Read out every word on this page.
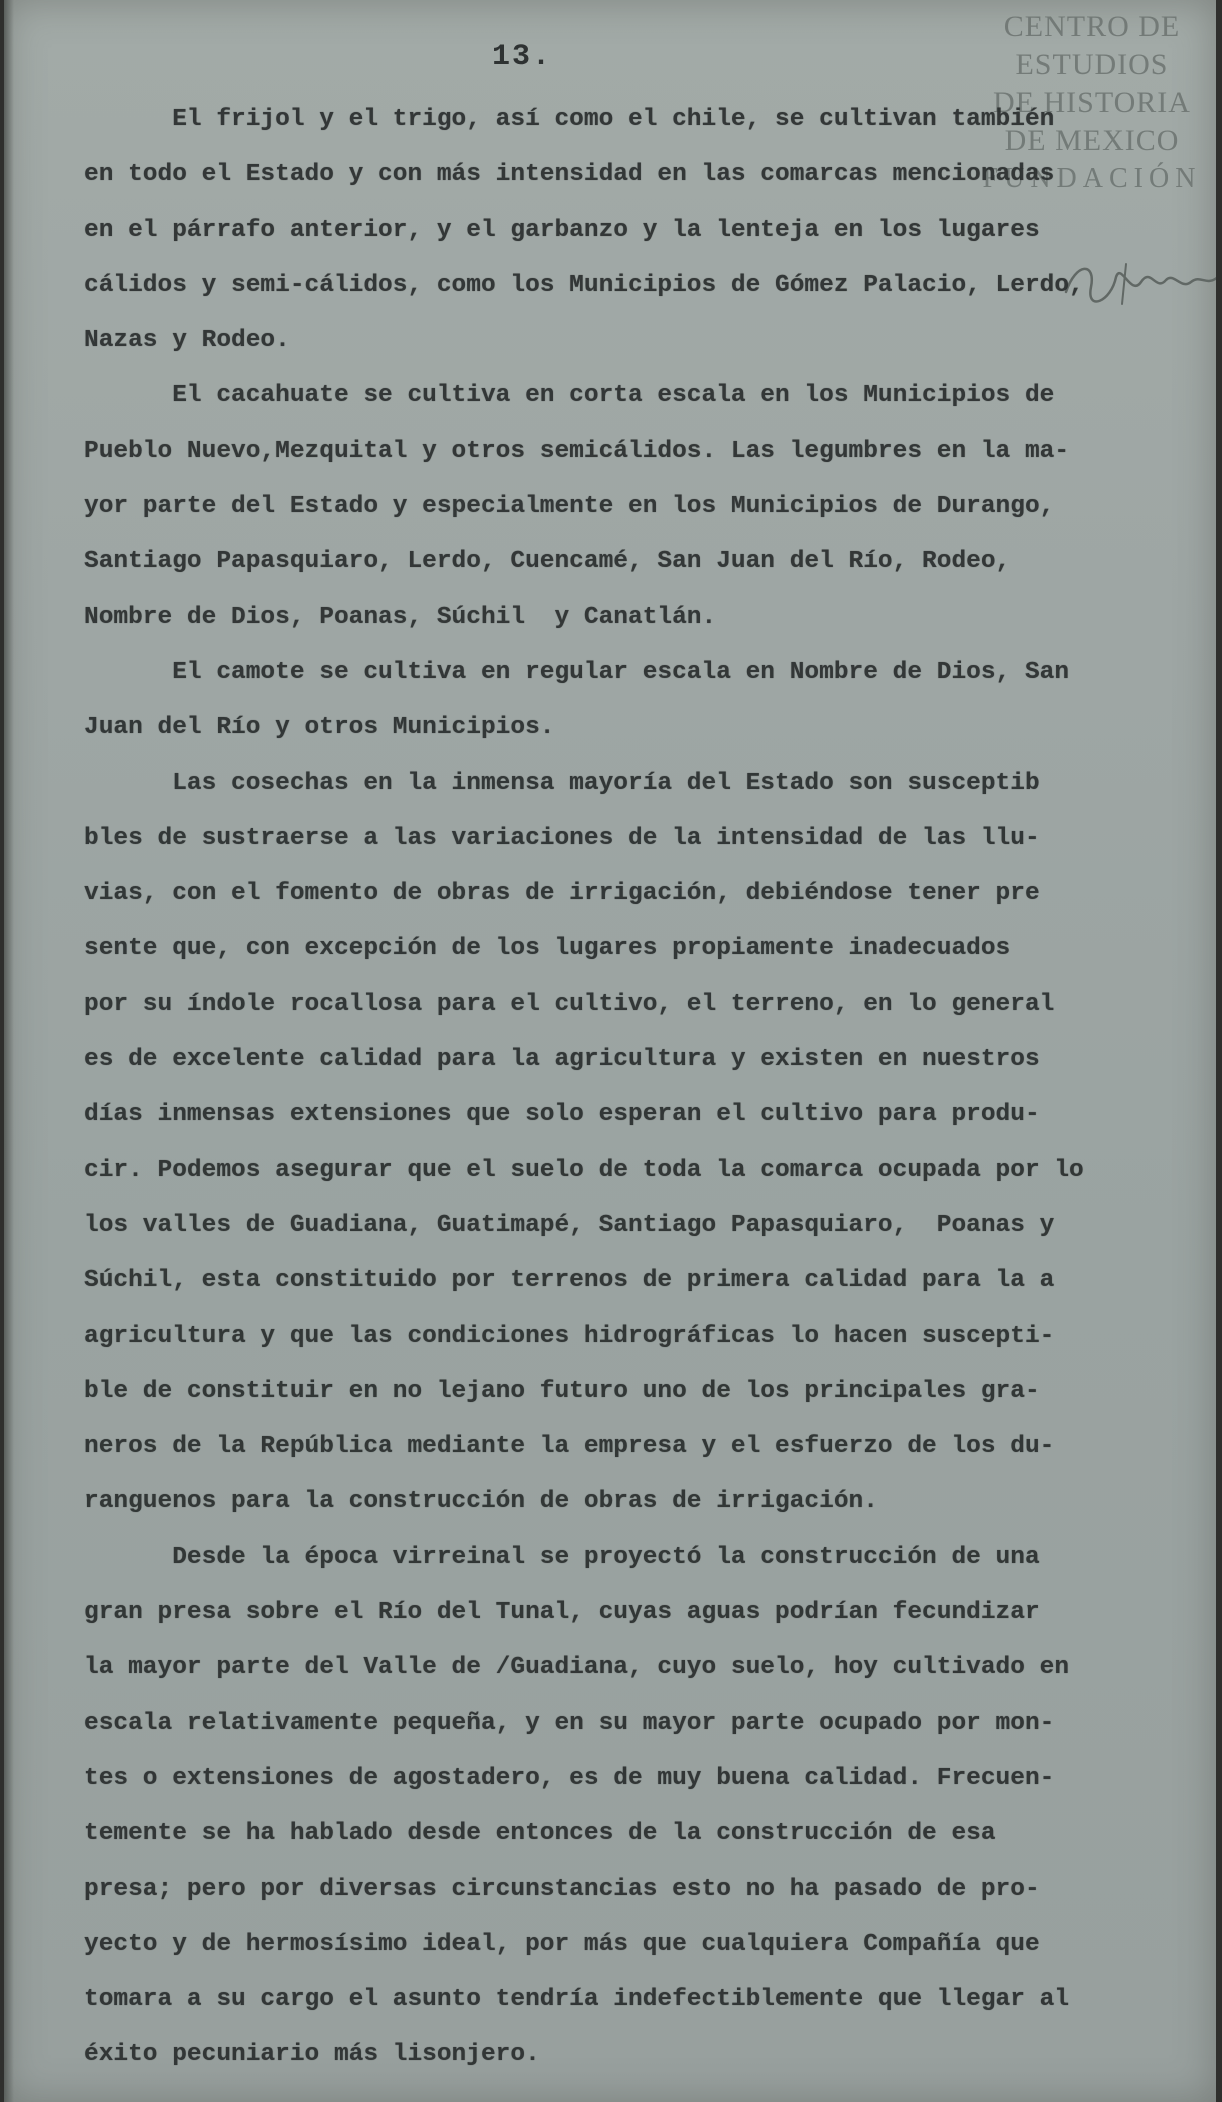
13.
CENTRO DE
ESTUDIOS
DE HISTORIA
DE MEXICO
FUNDACIÓN
El frijol y el trigo, así como el chile, se cultivan también
en todo el Estado y con más intensidad en las comarcas mencionadas
en el párrafo anterior, y el garbanzo y la lenteja en los lugares
cálidos y semi-cálidos, como los Municipios de Gómez Palacio, Lerdo,
Nazas y Rodeo.
El cacahuate se cultiva en corta escala en los Municipios de
Pueblo Nuevo,Mezquital y otros semicálidos. Las legumbres en la ma-
yor parte del Estado y especialmente en los Municipios de Durango,
Santiago Papasquiaro, Lerdo, Cuencamé, San Juan del Río, Rodeo,
Nombre de Dios, Poanas, Súchil  y Canatlán.
El camote se cultiva en regular escala en Nombre de Dios, San
Juan del Río y otros Municipios.
Las cosechas en la inmensa mayoría del Estado son susceptib
bles de sustraerse a las variaciones de la intensidad de las llu-
vias, con el fomento de obras de irrigación, debiéndose tener pre
sente que, con excepción de los lugares propiamente inadecuados
por su índole rocallosa para el cultivo, el terreno, en lo general
es de excelente calidad para la agricultura y existen en nuestros
días inmensas extensiones que solo esperan el cultivo para produ-
cir. Podemos asegurar que el suelo de toda la comarca ocupada por lo
los valles de Guadiana, Guatimapé, Santiago Papasquiaro,  Poanas y
Súchil, esta constituido por terrenos de primera calidad para la a
agricultura y que las condiciones hidrográficas lo hacen suscepti-
ble de constituir en no lejano futuro uno de los principales gra-
neros de la República mediante la empresa y el esfuerzo de los du-
ranguenos para la construcción de obras de irrigación.
Desde la época virreinal se proyectó la construcción de una
gran presa sobre el Río del Tunal, cuyas aguas podrían fecundizar
la mayor parte del Valle de /Guadiana, cuyo suelo, hoy cultivado en
escala relativamente pequeña, y en su mayor parte ocupado por mon-
tes o extensiones de agostadero, es de muy buena calidad. Frecuen-
temente se ha hablado desde entonces de la construcción de esa
presa; pero por diversas circunstancias esto no ha pasado de pro-
yecto y de hermosísimo ideal, por más que cualquiera Compañía que
tomara a su cargo el asunto tendría indefectiblemente que llegar al
éxito pecuniario más lisonjero.
